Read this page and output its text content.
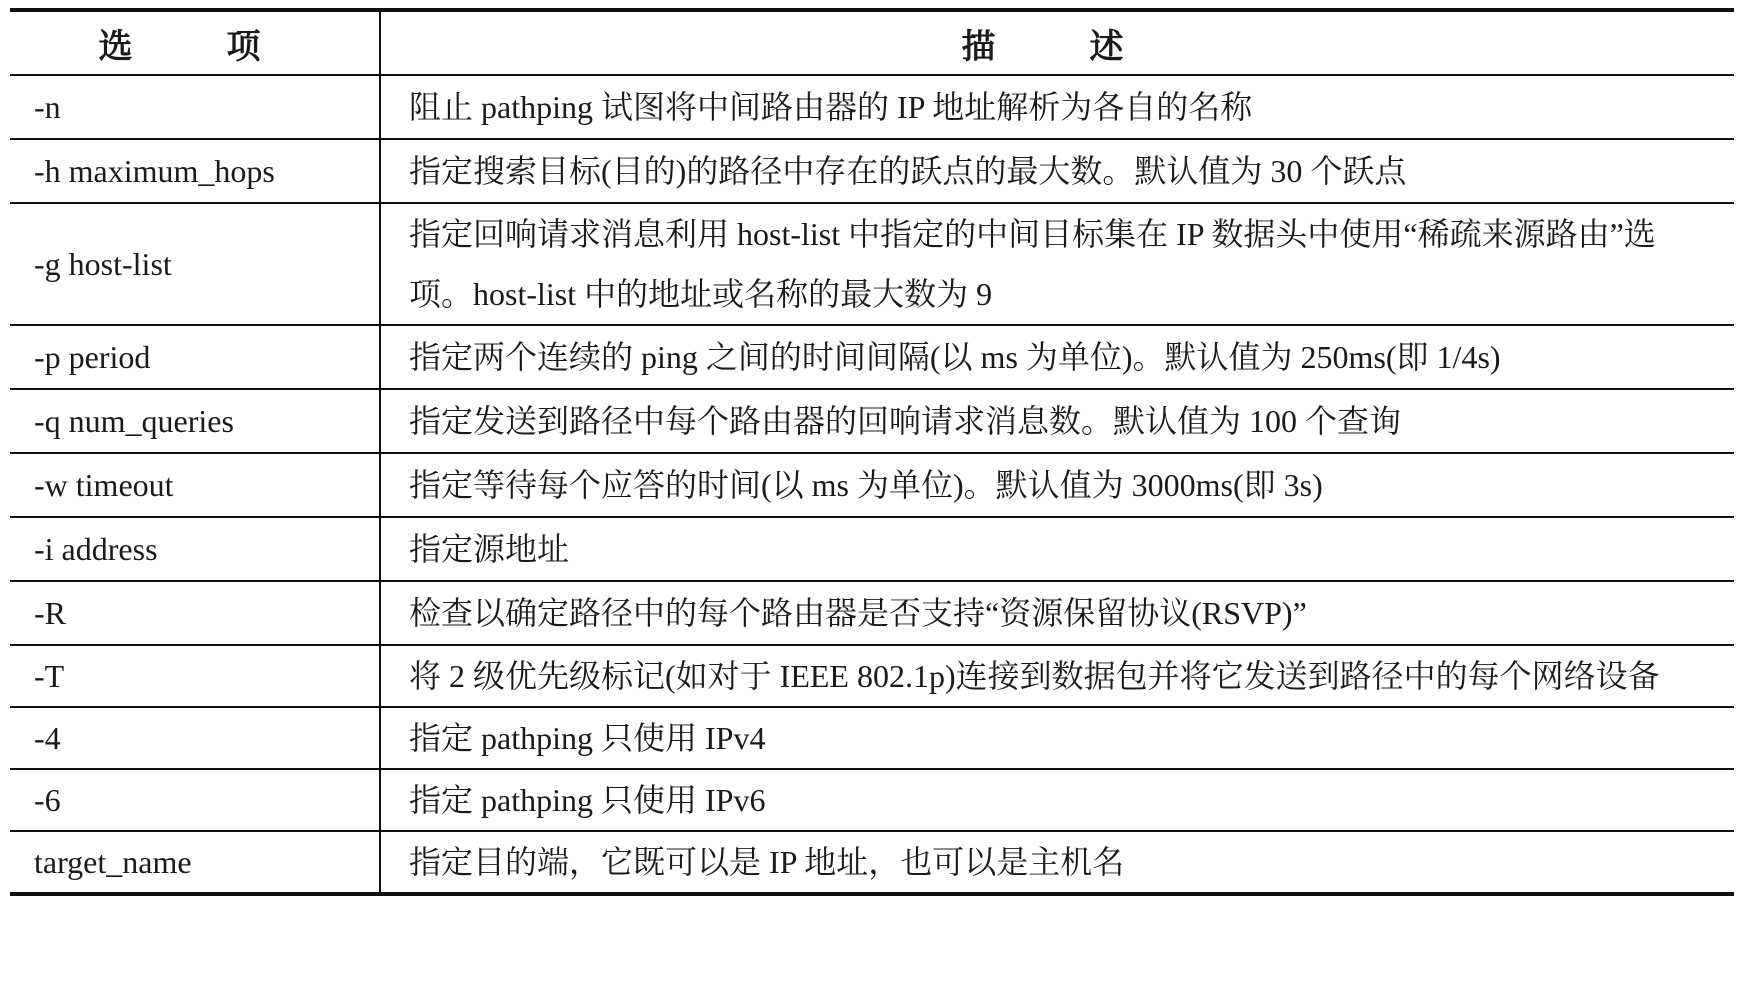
选　项	描　述
-n	阻止 pathping 试图将中间路由器的 IP 地址解析为各自的名称
-h maximum_hops	指定搜索目标(目的)的路径中存在的跃点的最大数。默认值为 30 个跃点
-g host-list	指定回响请求消息利用 host-list 中指定的中间目标集在 IP 数据头中使用“稀疏来源路由”选项。host-list 中的地址或名称的最大数为 9
-p period	指定两个连续的 ping 之间的时间间隔(以 ms 为单位)。默认值为 250ms(即 1/4s)
-q num_queries	指定发送到路径中每个路由器的回响请求消息数。默认值为 100 个查询
-w timeout	指定等待每个应答的时间(以 ms 为单位)。默认值为 3000ms(即 3s)
-i address	指定源地址
-R	检查以确定路径中的每个路由器是否支持“资源保留协议(RSVP)”
-T	将 2 级优先级标记(如对于 IEEE 802.1p)连接到数据包并将它发送到路径中的每个网络设备
-4	指定 pathping 只使用 IPv4
-6	指定 pathping 只使用 IPv6
target_name	指定目的端，它既可以是 IP 地址，也可以是主机名
